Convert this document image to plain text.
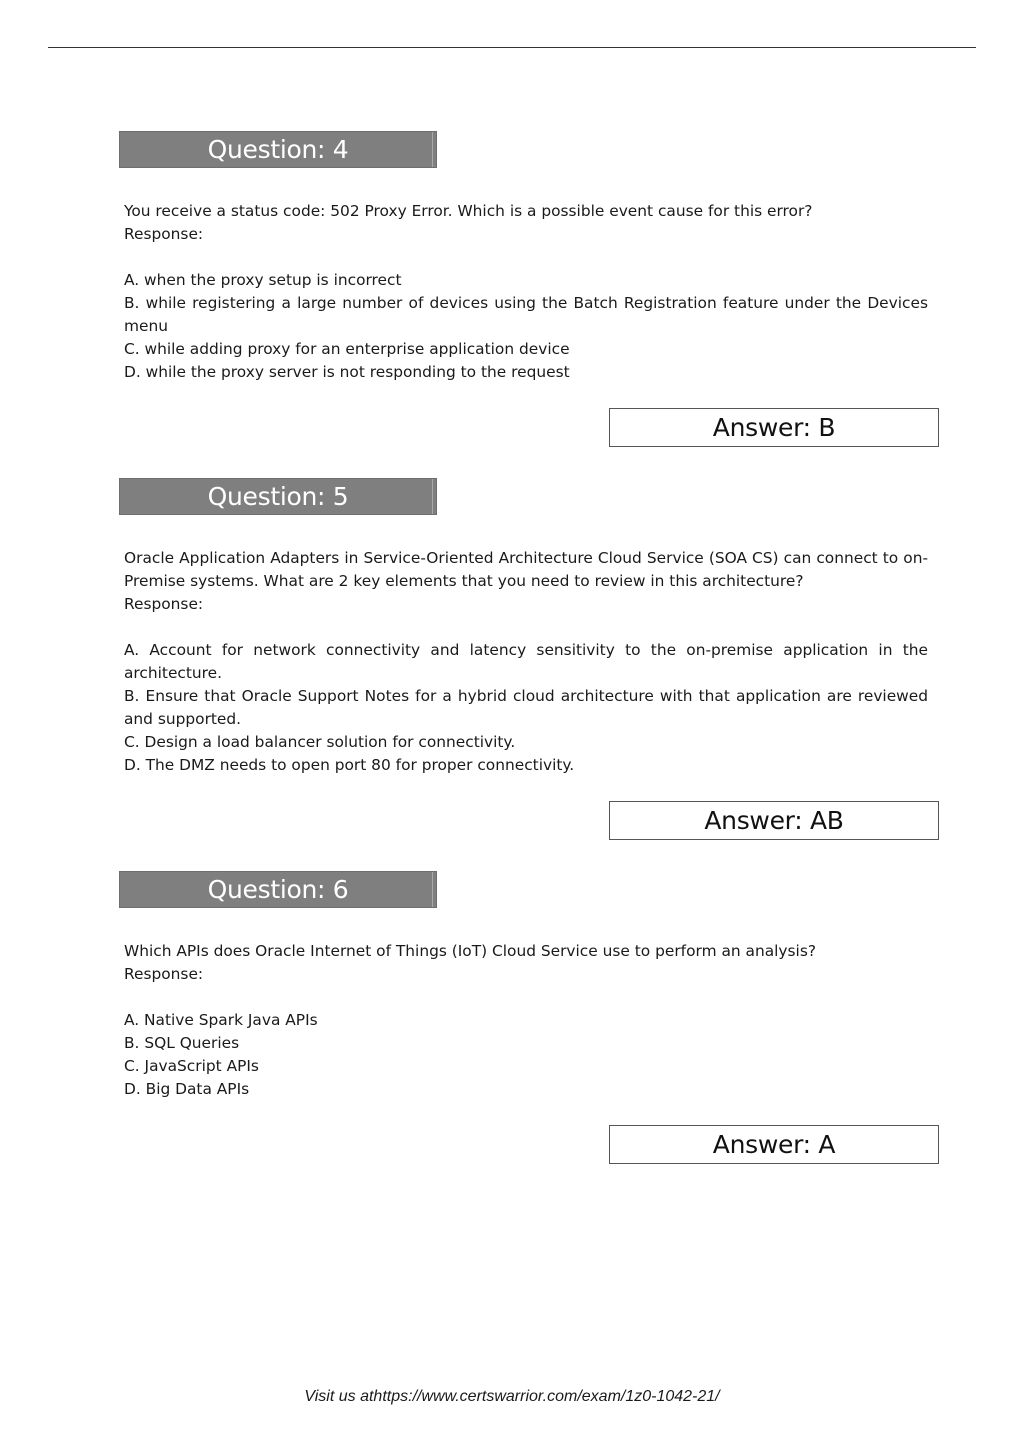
Question: 4

You receive a status code: 502 Proxy Error. Which is a possible event cause for this error?

Response:

A. when the proxy setup is incorrect

B. while registering a large number of devices using the Batch Registration feature under the Devices menu

C. while adding proxy for an enterprise application device

D. while the proxy server is not responding to the request

Answer: B
Question: 5

Oracle Application Adapters in Service-Oriented Architecture Cloud Service (SOA CS) can connect to on-Premise systems. What are 2 key elements that you need to review in this architecture?

Response:

A. Account for network connectivity and latency sensitivity to the on-premise application in the architecture.

B. Ensure that Oracle Support Notes for a hybrid cloud architecture with that application are reviewed and supported.

C. Design a load balancer solution for connectivity.

D. The DMZ needs to open port 80 for proper connectivity.

Answer: AB
Question: 6

Which APIs does Oracle Internet of Things (IoT) Cloud Service use to perform an analysis?

Response:

A. Native Spark Java APIs

B. SQL Queries

C. JavaScript APIs

D. Big Data APIs

Answer: A
Visit us athttps://www.certswarrior.com/exam/1z0-1042-21/
